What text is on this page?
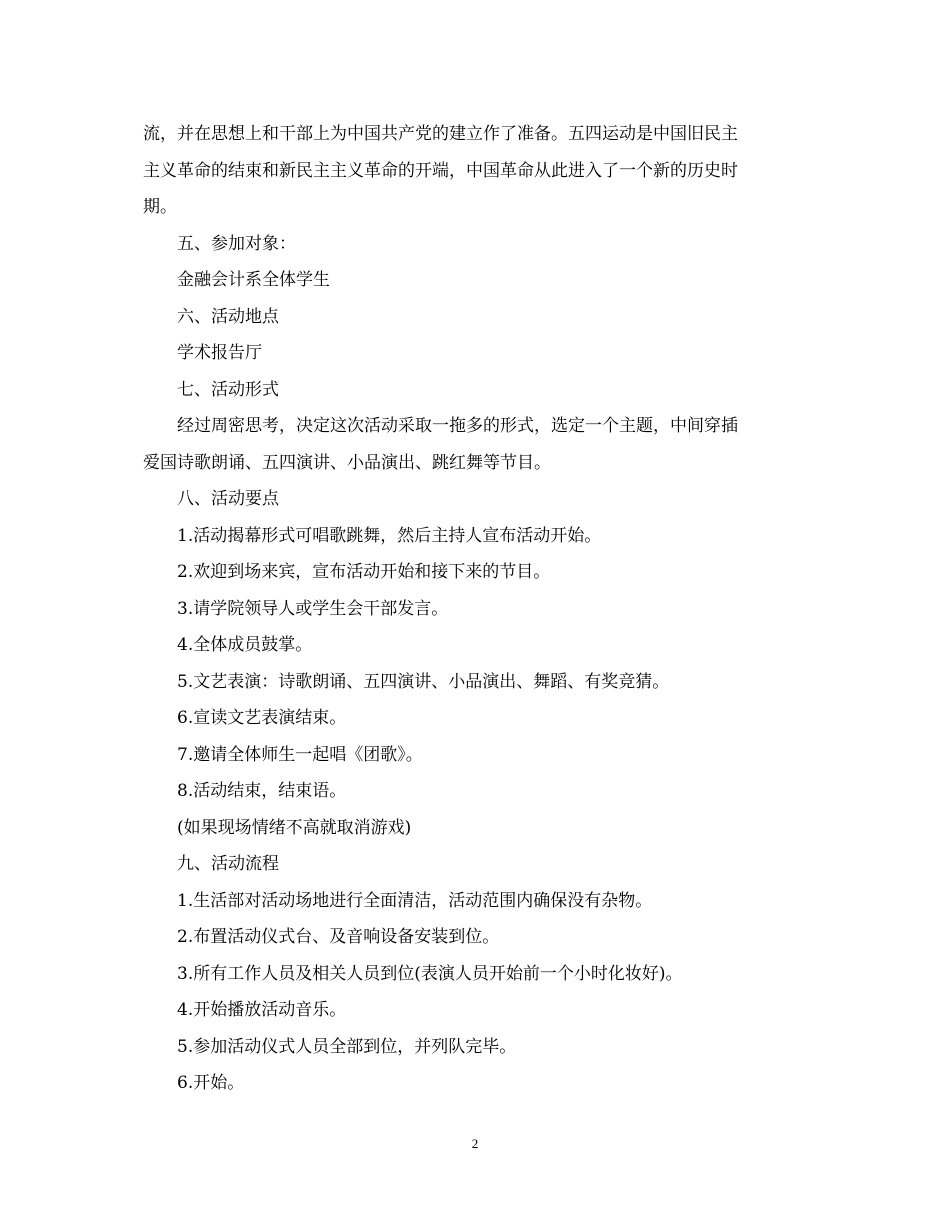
流，并在思想上和干部上为中国共产党的建立作了准备。五四运动是中国旧民主

主义革命的结束和新民主主义革命的开端，中国革命从此进入了一个新的历史时

期。

五、参加对象：

金融会计系全体学生

六、活动地点

学术报告厅

七、活动形式

经过周密思考，决定这次活动采取一拖多的形式，选定一个主题，中间穿插

爱国诗歌朗诵、五四演讲、小品演出、跳红舞等节目。

八、活动要点

1.活动揭幕形式可唱歌跳舞，然后主持人宣布活动开始。

2.欢迎到场来宾，宣布活动开始和接下来的节目。

3.请学院领导人或学生会干部发言。

4.全体成员鼓掌。

5.文艺表演：诗歌朗诵、五四演讲、小品演出、舞蹈、有奖竞猜。

6.宣读文艺表演结束。

7.邀请全体师生一起唱《团歌》。

8.活动结束，结束语。

(如果现场情绪不高就取消游戏)

九、活动流程

1.生活部对活动场地进行全面清洁，活动范围内确保没有杂物。

2.布置活动仪式台、及音响设备安装到位。

3.所有工作人员及相关人员到位(表演人员开始前一个小时化妆好)。

4.开始播放活动音乐。

5.参加活动仪式人员全部到位，并列队完毕。

6.开始。

2
